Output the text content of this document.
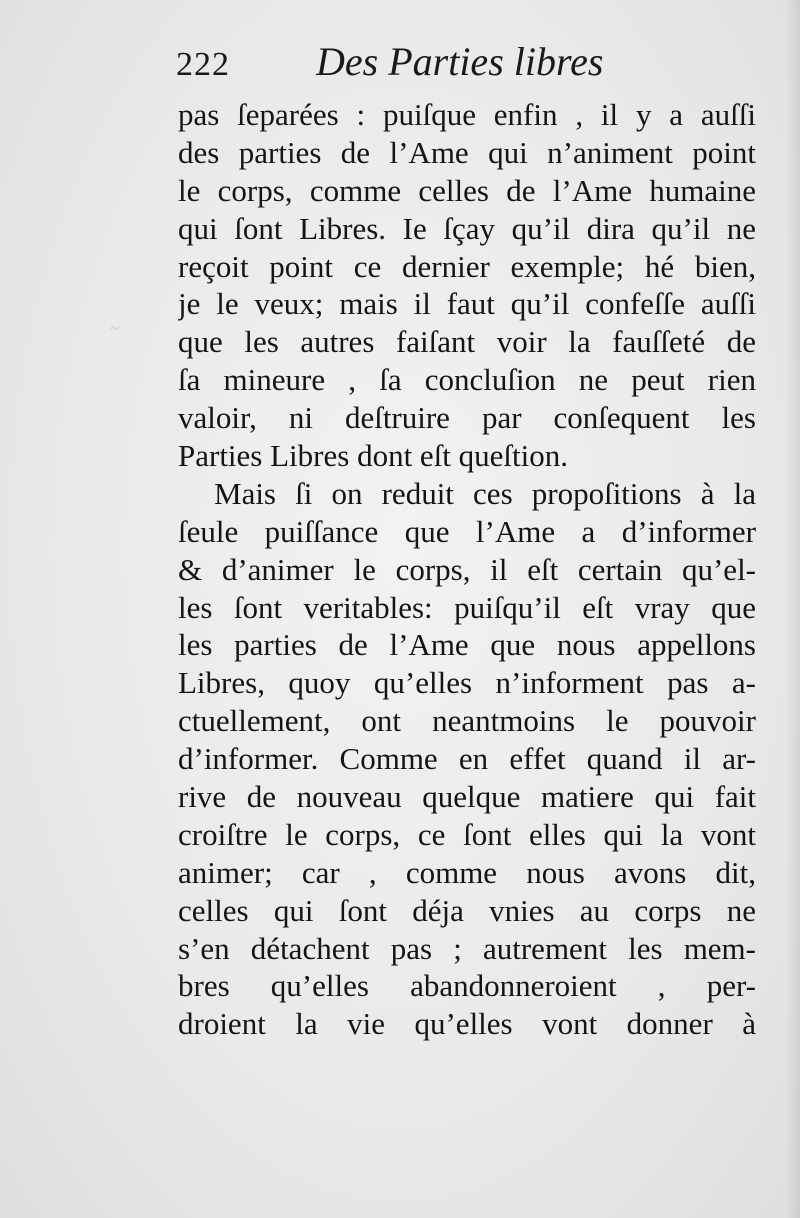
222 Des Parties libres
~
pas ſeparées : puiſque enfin , il y a auſſi
des parties de l’Ame qui n’animent point
le corps, comme celles de l’Ame humaine
qui ſont Libres. Ie ſçay qu’il dira qu’il ne
reçoit point ce dernier exemple; hé bien,
je le veux; mais il faut qu’il confeſſe auſſi
que les autres faiſant voir la fauſſeté de
ſa mineure , ſa concluſion ne peut rien
valoir, ni deſtruire par conſequent les
Parties Libres dont eſt queſtion.
Mais ſi on reduit ces propoſitions à la
ſeule puiſſance que l’Ame a d’informer
& d’animer le corps, il eſt certain qu’el-
les ſont veritables: puiſqu’il eſt vray que
les parties de l’Ame que nous appellons
Libres, quoy qu’elles n’informent pas a-
ctuellement, ont neantmoins le pouvoir
d’informer. Comme en effet quand il ar-
rive de nouveau quelque matiere qui fait
croiſtre le corps, ce ſont elles qui la vont
animer; car , comme nous avons dit,
celles qui ſont déja vnies au corps ne
s’en détachent pas ; autrement les mem-
bres qu’elles abandonneroient , per-
droient la vie qu’elles vont donner à
